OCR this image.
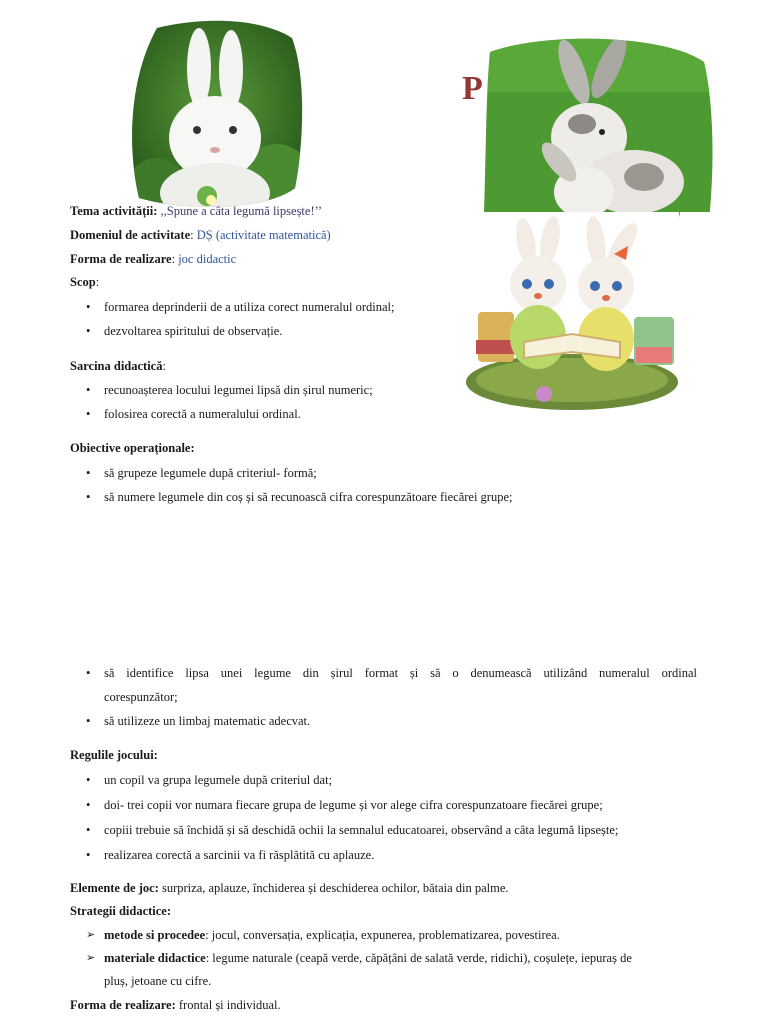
P
Tema activității: ,,Spune a câta legumă lipsește!’’
Domeniul de activitate: DȘ (activitate matematică)
Forma de realizare: joc didactic
Scop:
•	formarea deprinderii de a utiliza corect numeralul ordinal;
•	dezvoltarea spiritului de observație.
Sarcina didactică:
•	recunoașterea locului legumei lipsă din șirul numeric;
•	folosirea corectă a numeralului ordinal.
Obiective operaționale:
•	să grupeze legumele după criteriul- formă;
•	să numere legumele din coș și să recunoască cifra corespunzătoare fiecărei grupe;
•	să identifice lipsa unei legume din șirul format și să o denumească utilizând numeralul ordinal
corespunzător;
•	să utilizeze un limbaj matematic adecvat.
Regulile jocului:
•	un copil va grupa legumele după criteriul dat;
•	doi- trei copii vor numara fiecare grupa de legume și vor alege cifra corespunzatoare fiecărei grupe;
•	copiii trebuie să închidă și să deschidă ochii la semnalul educatoarei, observând a câta legumă lipsește;
•	realizarea corectă a sarcinii va fi răsplătită cu aplauze.
Elemente de joc: surpriza, aplauze, închiderea și deschiderea ochilor, bătaia din palme.
Strategii didactice:
➢ metode si procedee: jocul, conversația, explicația, expunerea, problematizarea, povestirea.
➢ materiale didactice: legume naturale (ceapă verde, căpățâni de salată verde, ridichi), coșulețe, iepuraș de
pluș, jetoane cu cifre.
Forma de realizare: frontal și individual.
